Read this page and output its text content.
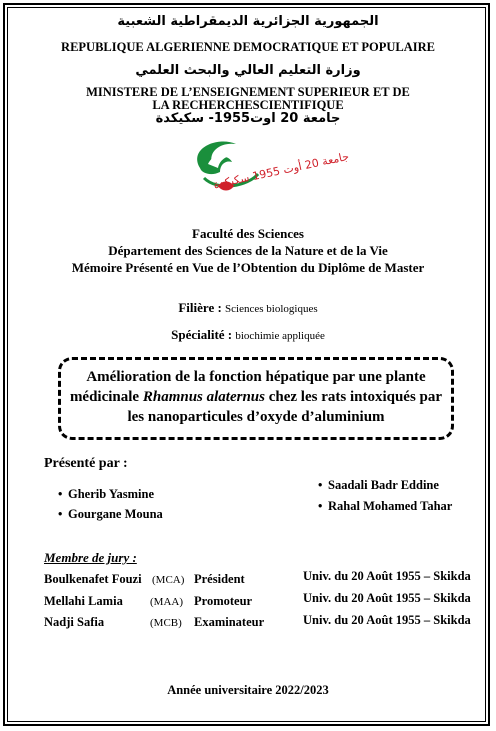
الجمهورية الجزائرية الديمقراطية الشعبية
REPUBLIQUE ALGERIENNE DEMOCRATIQUE ET POPULAIRE
وزارة التعليم العالي والبحث العلمي
MINISTERE DE L’ENSEIGNEMENT SUPERIEUR ET DE
LA RECHERCHESCIENTIFIQUE
جامعة 20 اوت1955- سكيكدة
جامعة 20 أوت 1955 سكيكدة
Faculté des Sciences
Département des Sciences de la Nature et de la Vie
Mémoire Présenté en Vue de l’Obtention du Diplôme de Master
Filière : Sciences biologiques
Spécialité : biochimie appliquée
Amélioration de la fonction hépatique par une plante médicinale Rhamnus alaternus chez les rats intoxiqués par les nanoparticules d’oxyde d’aluminium
Présenté par :
• Gherib Yasmine
• Gourgane Mouna
• Saadali Badr Eddine
• Rahal Mohamed Tahar
Membre de jury :
Boulkenafet Fouzi (MCA) Président	Univ. du 20 Août 1955 – Skikda
Mellahi Lamia (MAA) Promoteur	Univ. du 20 Août 1955 – Skikda
Nadji Safia	(MCB) Examinateur	Univ. du 20 Août 1955 – Skikda
Année universitaire 2022/2023
